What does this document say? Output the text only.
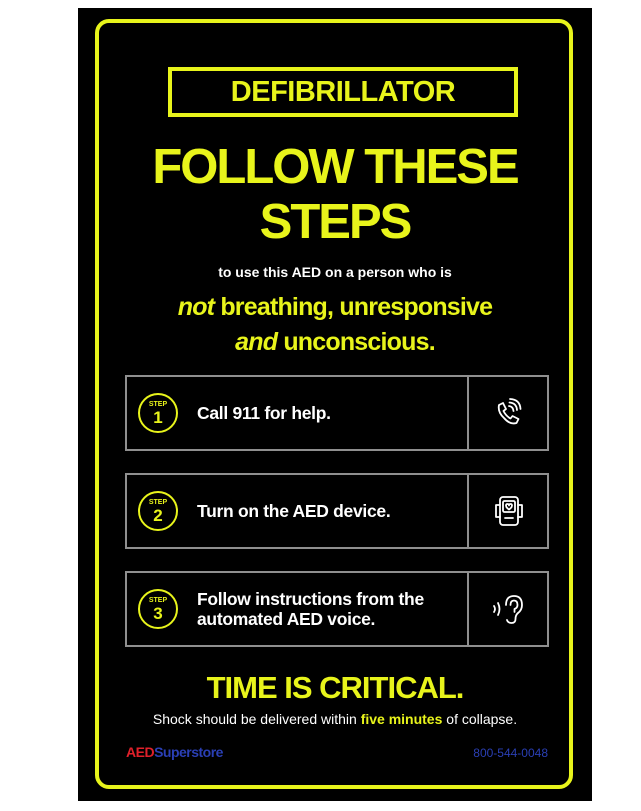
DEFIBRILLATOR
FOLLOW THESE
STEPS
to use this AED on a person who is
not breathing, unresponsive
and unconscious.
STEP
1	Call 911 for help.
STEP
2	Turn on the AED device.
STEP
3
Follow instructions from the
automated AED voice.
TIME IS CRITICAL.
Shock should be delivered within five minutes of collapse.
AEDSuperstore	800-544-0048
